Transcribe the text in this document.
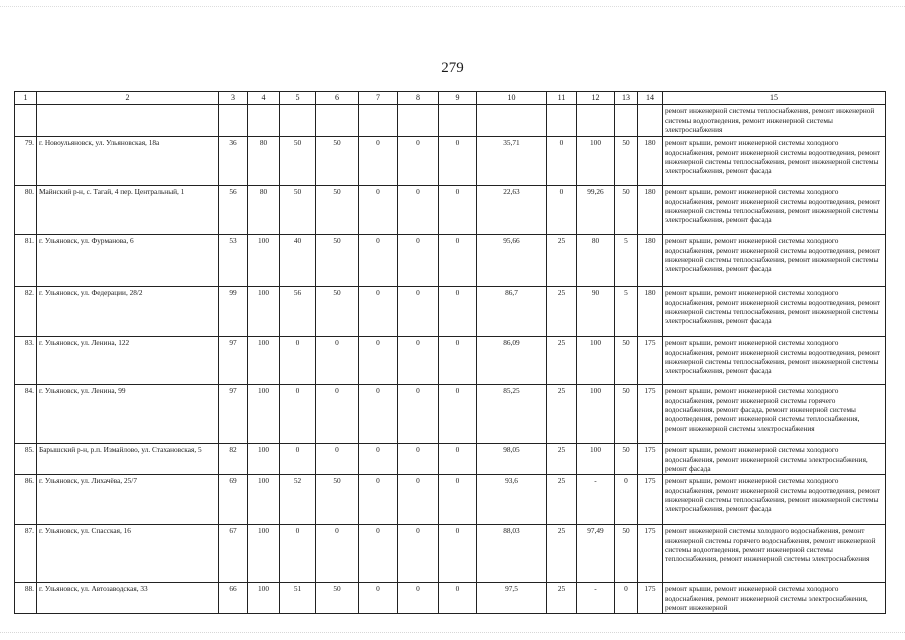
279
1	2	3	4	5	6	7	8	9	10	11	12	13	14	15
														ремонт инженерной системы теплоснабжения, ремонт инженерной системы водоотведения, ремонт инженерной системы электроснабжения
79.	г. Новоульяновск, ул. Ульяновская, 18а	36	80	50	50	0	0	0	35,71	0	100	50	180	ремонт крыши, ремонт инженерной системы холодного водоснабжения, ремонт инженерной системы водоотведения, ремонт инженерной системы теплоснабжения, ремонт инженерной системы электроснабжения, ремонт фасада
80.	Майнский р-н, с. Тагай, 4 пер. Центральный, 1	56	80	50	50	0	0	0	22,63	0	99,26	50	180	ремонт крыши, ремонт инженерной системы холодного водоснабжения, ремонт инженерной системы водоотведения, ремонт инженерной системы теплоснабжения, ремонт инженерной системы электроснабжения, ремонт фасада
81.	г. Ульяновск, ул. Фурманова, 6	53	100	40	50	0	0	0	95,66	25	80	5	180	ремонт крыши, ремонт инженерной системы холодного водоснабжения, ремонт инженерной системы водоотведения, ремонт инженерной системы теплоснабжения, ремонт инженерной системы электроснабжения, ремонт фасада
82.	г. Ульяновск, ул. Федерации, 28/2	99	100	56	50	0	0	0	86,7	25	90	5	180	ремонт крыши, ремонт инженерной системы холодного водоснабжения, ремонт инженерной системы водоотведения, ремонт инженерной системы теплоснабжения, ремонт инженерной системы электроснабжения, ремонт фасада
83.	г. Ульяновск, ул. Ленина, 122	97	100	0	0	0	0	0	86,09	25	100	50	175	ремонт крыши, ремонт инженерной системы холодного водоснабжения, ремонт инженерной системы водоотведения, ремонт инженерной системы теплоснабжения, ремонт инженерной системы электроснабжения, ремонт фасада
84.	г. Ульяновск, ул. Ленина, 99	97	100	0	0	0	0	0	85,25	25	100	50	175	ремонт крыши, ремонт инженерной системы холодного водоснабжения, ремонт инженерной системы горячего водоснабжения, ремонт фасада, ремонт инженерной системы водоотведения, ремонт инженерной системы теплоснабжения, ремонт инженерной системы электроснабжения
85.	Барышский р-н, р.п. Измайлово, ул. Стахановская, 5	82	100	0	0	0	0	0	98,05	25	100	50	175	ремонт крыши, ремонт инженерной системы холодного водоснабжения, ремонт инженерной системы электроснабжения, ремонт фасада
86.	г. Ульяновск, ул. Лихачёва, 25/7	69	100	52	50	0	0	0	93,6	25	-	0	175	ремонт крыши, ремонт инженерной системы холодного водоснабжения, ремонт инженерной системы водоотведения, ремонт инженерной системы теплоснабжения, ремонт инженерной системы электроснабжения, ремонт фасада
87.	г. Ульяновск, ул. Спасская, 16	67	100	0	0	0	0	0	88,03	25	97,49	50	175	ремонт инженерной системы холодного водоснабжения, ремонт инженерной системы горячего водоснабжения, ремонт инженерной системы водоотведения, ремонт инженерной системы теплоснабжения, ремонт инженерной системы электроснабжения
88.	г. Ульяновск, ул. Автозаводская, 33	66	100	51	50	0	0	0	97,5	25	-	0	175	ремонт крыши, ремонт инженерной системы холодного водоснабжения, ремонт инженерной системы электроснабжения, ремонт инженерной
